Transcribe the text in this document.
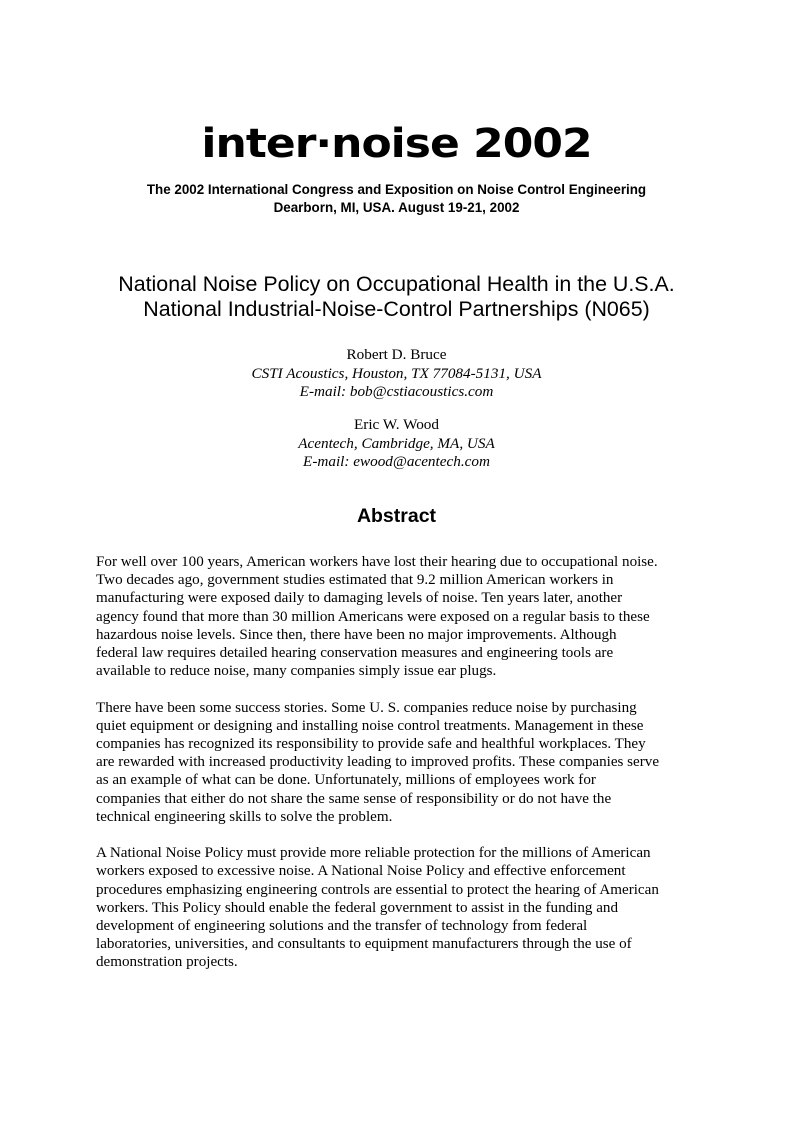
inter·noise 2002
The 2002 International Congress and Exposition on Noise Control Engineering
Dearborn, MI, USA. August 19-21, 2002
National Noise Policy on Occupational Health in the U.S.A.
National Industrial-Noise-Control Partnerships (N065)
Robert D. Bruce
CSTI Acoustics, Houston, TX 77084-5131, USA
E-mail: bob@cstiacoustics.com
Eric W. Wood
Acentech, Cambridge, MA, USA
E-mail: ewood@acentech.com
Abstract
For well over 100 years, American workers have lost their hearing due to occupational noise.
Two decades ago, government studies estimated that 9.2 million American workers in
manufacturing were exposed daily to damaging levels of noise. Ten years later, another
agency found that more than 30 million Americans were exposed on a regular basis to these
hazardous noise levels. Since then, there have been no major improvements. Although
federal law requires detailed hearing conservation measures and engineering tools are
available to reduce noise, many companies simply issue ear plugs.
There have been some success stories. Some U. S. companies reduce noise by purchasing
quiet equipment or designing and installing noise control treatments. Management in these
companies has recognized its responsibility to provide safe and healthful workplaces. They
are rewarded with increased productivity leading to improved profits. These companies serve
as an example of what can be done. Unfortunately, millions of employees work for
companies that either do not share the same sense of responsibility or do not have the
technical engineering skills to solve the problem.
A National Noise Policy must provide more reliable protection for the millions of American
workers exposed to excessive noise. A National Noise Policy and effective enforcement
procedures emphasizing engineering controls are essential to protect the hearing of American
workers. This Policy should enable the federal government to assist in the funding and
development of engineering solutions and the transfer of technology from federal
laboratories, universities, and consultants to equipment manufacturers through the use of
demonstration projects.
